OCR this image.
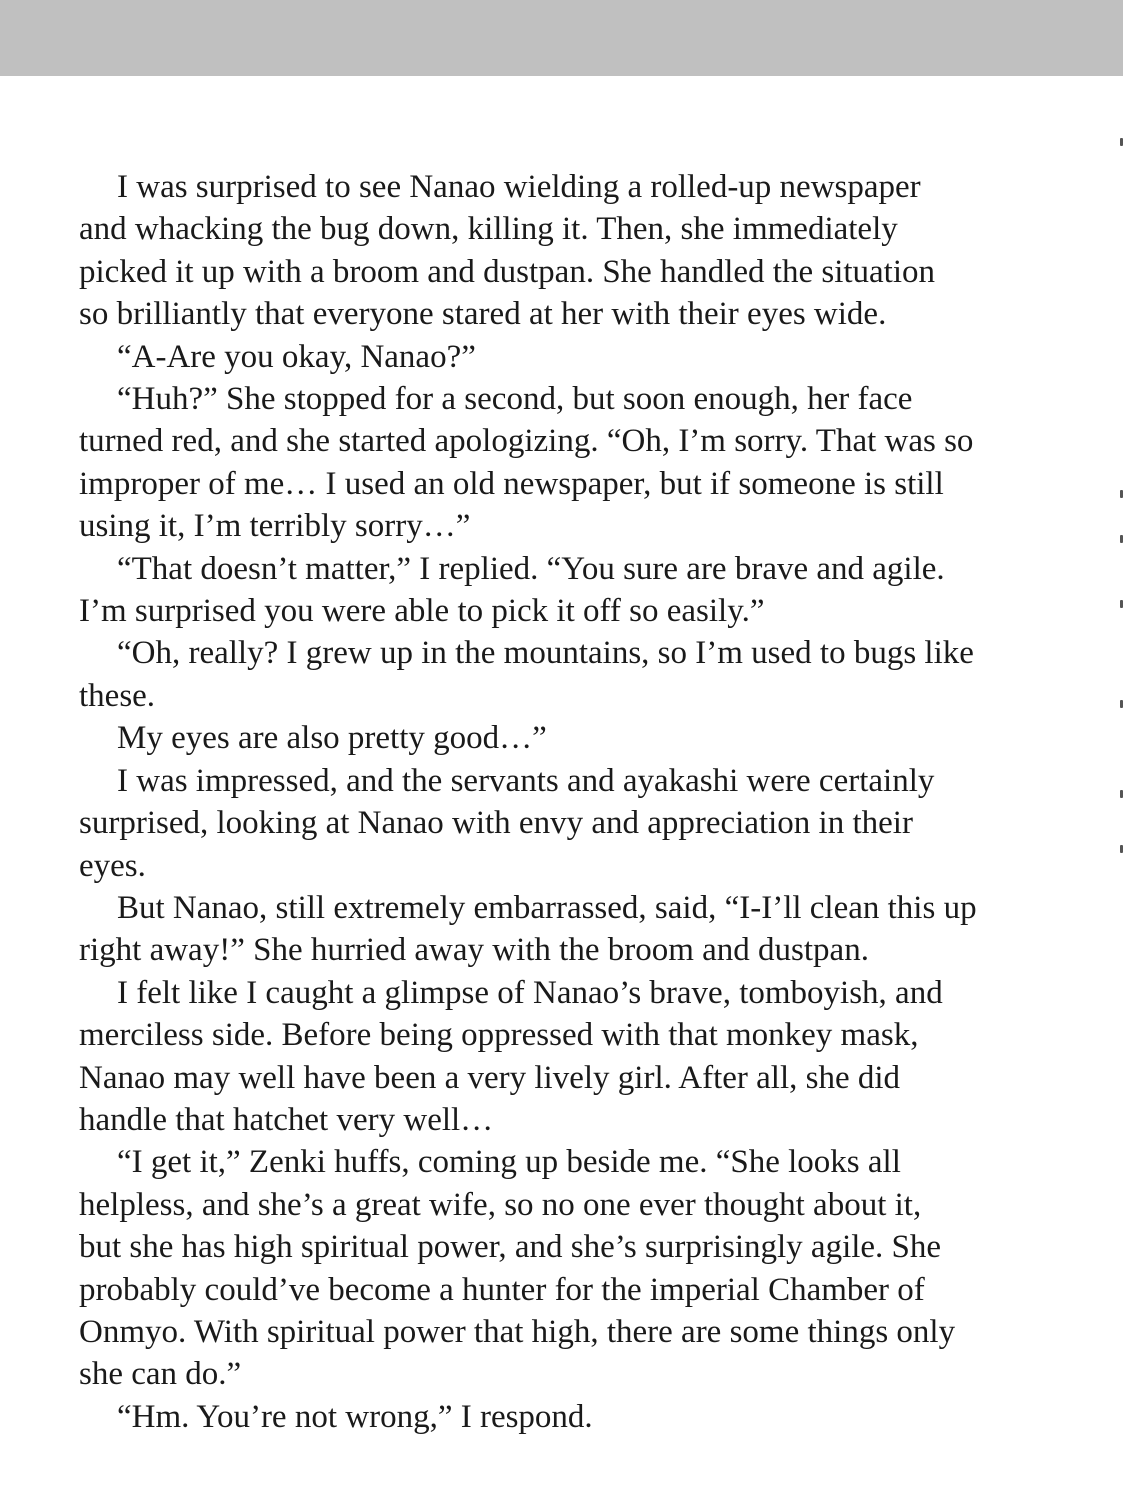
I was surprised to see Nanao wielding a rolled-up newspaper
and whacking the bug down, killing it. Then, she immediately
picked it up with a broom and dustpan. She handled the situation
so brilliantly that everyone stared at her with their eyes wide.

“A-Are you okay, Nanao?”

“Huh?” She stopped for a second, but soon enough, her face
turned red, and she started apologizing. “Oh, I’m sorry. That was so
improper of me… I used an old newspaper, but if someone is still
using it, I’m terribly sorry…”

“That doesn’t matter,” I replied. “You sure are brave and agile.
I’m surprised you were able to pick it off so easily.”

“Oh, really? I grew up in the mountains, so I’m used to bugs like
these.

My eyes are also pretty good…”

I was impressed, and the servants and ayakashi were certainly
surprised, looking at Nanao with envy and appreciation in their
eyes.

But Nanao, still extremely embarrassed, said, “I-I’ll clean this up
right away!” She hurried away with the broom and dustpan.

I felt like I caught a glimpse of Nanao’s brave, tomboyish, and
merciless side. Before being oppressed with that monkey mask,
Nanao may well have been a very lively girl. After all, she did
handle that hatchet very well…

“I get it,” Zenki huffs, coming up beside me. “She looks all
helpless, and she’s a great wife, so no one ever thought about it,
but she has high spiritual power, and she’s surprisingly agile. She
probably could’ve become a hunter for the imperial Chamber of
Onmyo. With spiritual power that high, there are some things only
she can do.”

“Hm. You’re not wrong,” I respond.
